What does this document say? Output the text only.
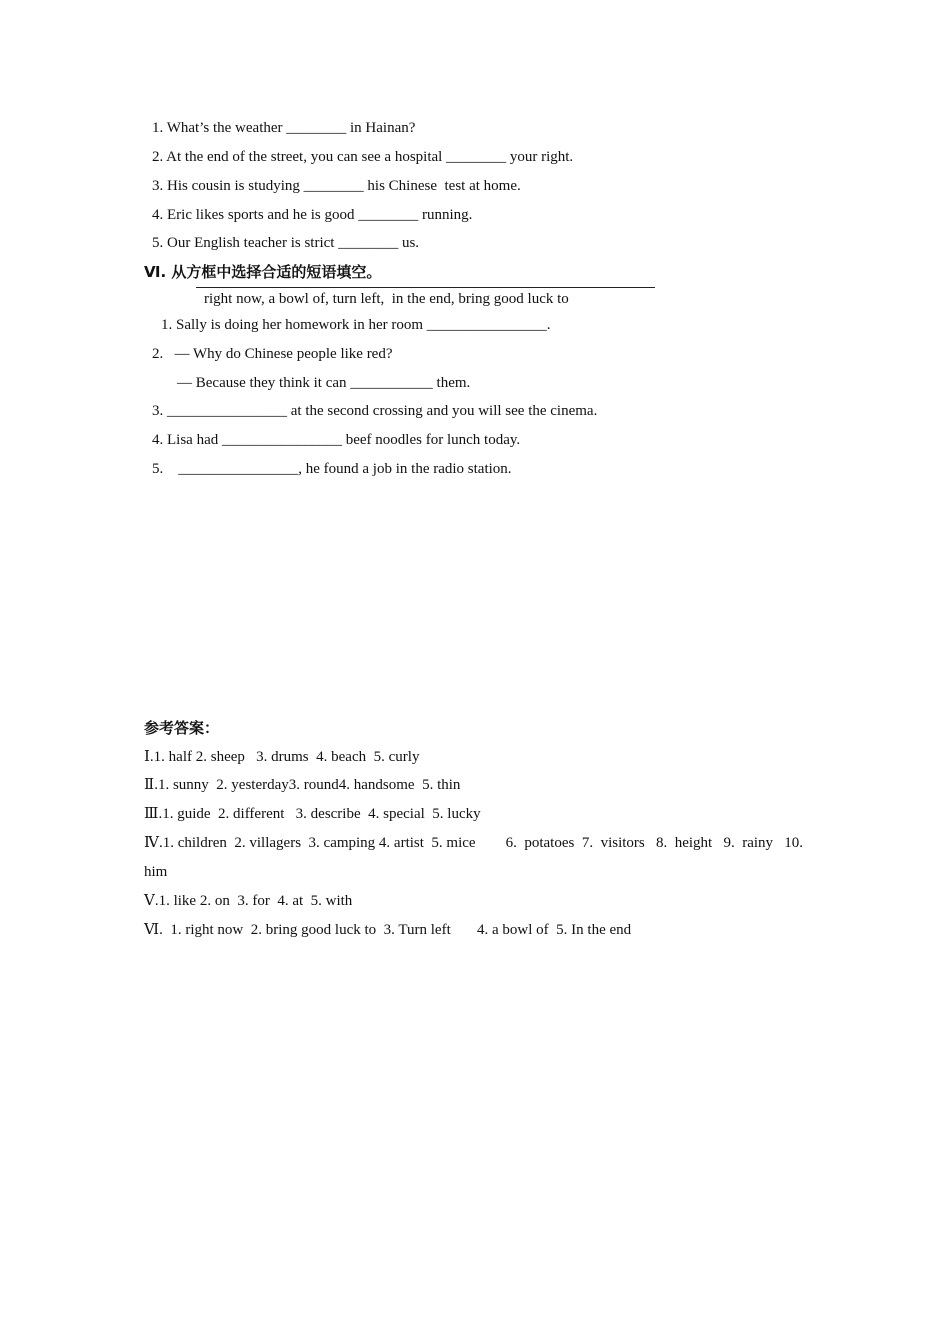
1. What’s the weather ________ in Hainan?
2. At the end of the street, you can see a hospital ________ your right.
3. His cousin is studying ________ his Chinese  test at home.
4. Eric likes sports and he is good ________ running.
5. Our English teacher is strict ________ us.
Ⅵ. 从方框中选择合适的短语填空。
right now, a bowl of, turn left,  in the end, bring good luck to
1. Sally is doing her homework in her room ________________.
2.   — Why do Chinese people like red?
— Because they think it can ___________ them.
3. ________________ at the second crossing and you will see the cinema.
4. Lisa had ________________ beef noodles for lunch today.
5.    ________________, he found a job in the radio station.
参考答案：
Ⅰ.1. half 2. sheep   3. drums  4. beach  5. curly
Ⅱ.1. sunny  2. yesterday3. round4. handsome  5. thin
Ⅲ.1. guide  2. different   3. describe  4. special  5. lucky
Ⅳ.1. children  2. villagers  3. camping 4. artist  5. mice        6.  potatoes  7.  visitors   8.  height   9.  rainy   10.
him
Ⅴ.1. like 2. on  3. for  4. at  5. with
Ⅵ.  1. right now  2. bring good luck to  3. Turn left       4. a bowl of  5. In the end
